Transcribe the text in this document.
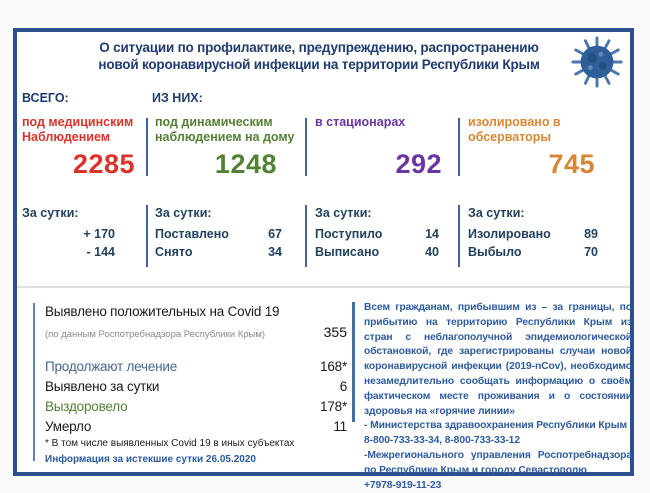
О ситуации по профилактике, предупреждению, распространению
новой коронавирусной инфекции на территории Республики Крым
ВСЕГО:	ИЗ НИХ:
под медицинским
Наблюдением
2285
под динамическим
наблюдением на дому
1248
в стационарах
292
изолировано в
обсерваторы
745
За сутки:
+ 170
- 144
За сутки:
Поставлено	67
Снято	34
За сутки:
Поступило	14
Выписано	40
За сутки:
Изолировано	89
Выбыло	70
Выявлено положительных на Covid 19
(по данным Роспотребнадзора Республики Крым)	355
Продолжают лечение	168*
Выявлено за сутки	6
Выздоровело	178*
Умерло	11
* В том числе выявленных Covid 19 в иных субъектах
Информация за истекшие сутки 26.05.2020
Всем гражданам, прибывшим из – за границы, по прибытию на территорию Республики Крым из стран с неблагополучной эпидемиологической обстановкой, где зарегистрированы случаи новой коронавирусной инфекции (2019-nCov), необходимо незамедлительно сообщать информацию о своём фактическом месте проживания и о состоянии здоровья на «горячие линии»
- Министерства здравоохранения Республики Крым
8-800-733-33-34, 8-800-733-33-12
-Межрегионального управления Роспотребнадзора по Республике Крым и городу Севастополю
+7978-919-11-23
